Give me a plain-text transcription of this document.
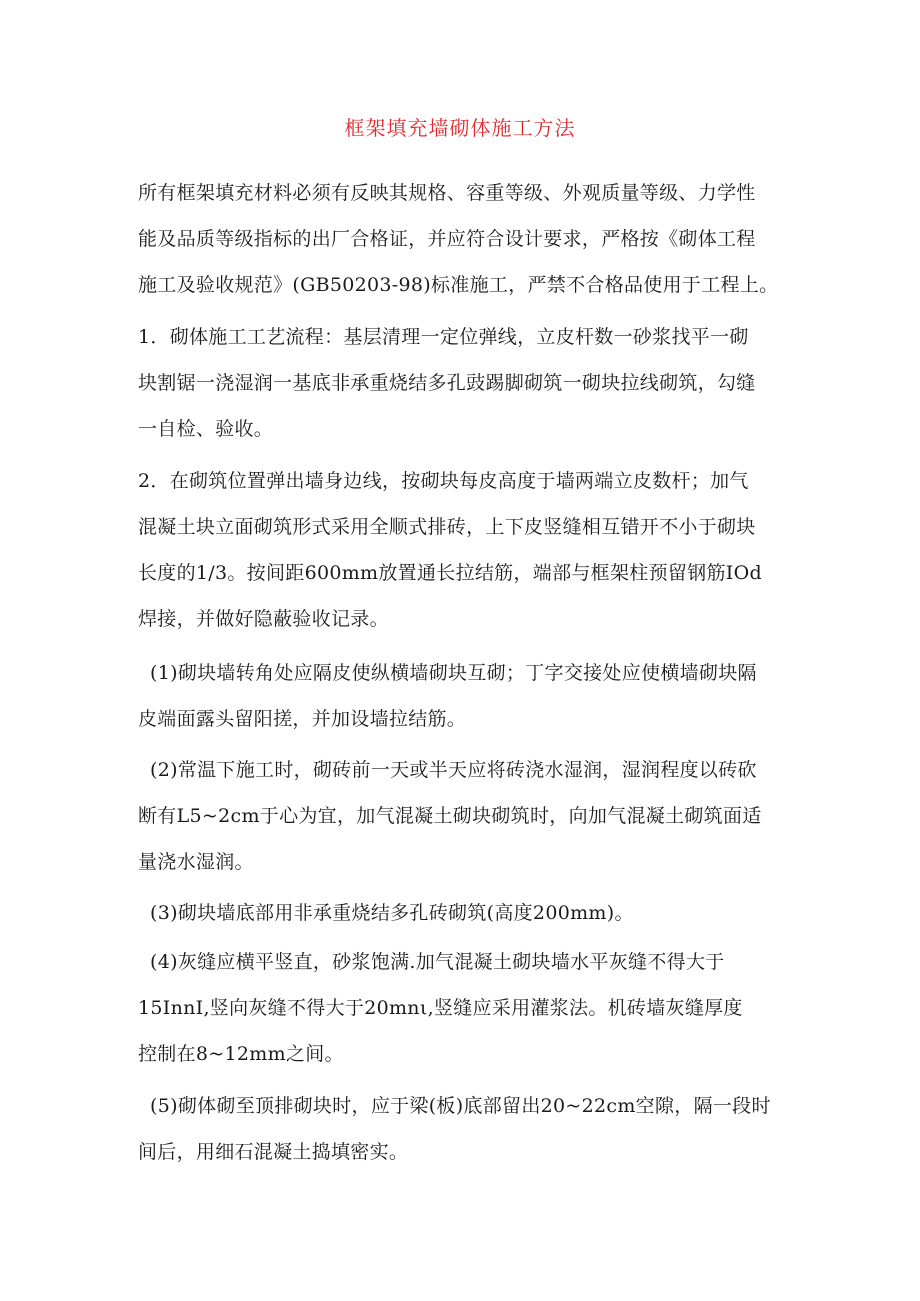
框架填充墙砌体施工方法
所有框架填充材料必须有反映其规格、容重等级、外观质量等级、力学性
能及品质等级指标的出厂合格证，并应符合设计要求，严格按《砌体工程
施工及验收规范》(GB50203-98)标准施工，严禁不合格品使用于工程上。
1．砌体施工工艺流程：基层清理一定位弹线，立皮杆数一砂浆找平一砌
块割锯一浇湿润一基底非承重烧结多孔豉踢脚砌筑一砌块拉线砌筑，勾缝
一自检、验收。
2．在砌筑位置弹出墙身边线，按砌块每皮高度于墙两端立皮数杆；加气
混凝土块立面砌筑形式采用全顺式排砖，上下皮竖缝相互错开不小于砌块
长度的1/3。按间距600mm放置通长拉结筋，端部与框架柱预留钢筋IOd
焊接，并做好隐蔽验收记录。
(1)砌块墙转角处应隔皮使纵横墙砌块互砌；丁字交接处应使横墙砌块隔
皮端面露头留阳搓，并加设墙拉结筋。
(2)常温下施工时，砌砖前一天或半天应将砖浇水湿润，湿润程度以砖砍
断有L5~2cm于心为宜，加气混凝土砌块砌筑时，向加气混凝土砌筑面适
量浇水湿润。
(3)砌块墙底部用非承重烧结多孔砖砌筑(高度200mm)。
(4)灰缝应横平竖直，砂浆饱满.加气混凝土砌块墙水平灰缝不得大于
15InnI,竖向灰缝不得大于20mnι,竖缝应采用灌浆法。机砖墙灰缝厚度
控制在8~12mm之间。
(5)砌体砌至顶排砌块时，应于梁(板)底部留出20~22cm空隙，隔一段时
间后，用细石混凝土捣填密实。
